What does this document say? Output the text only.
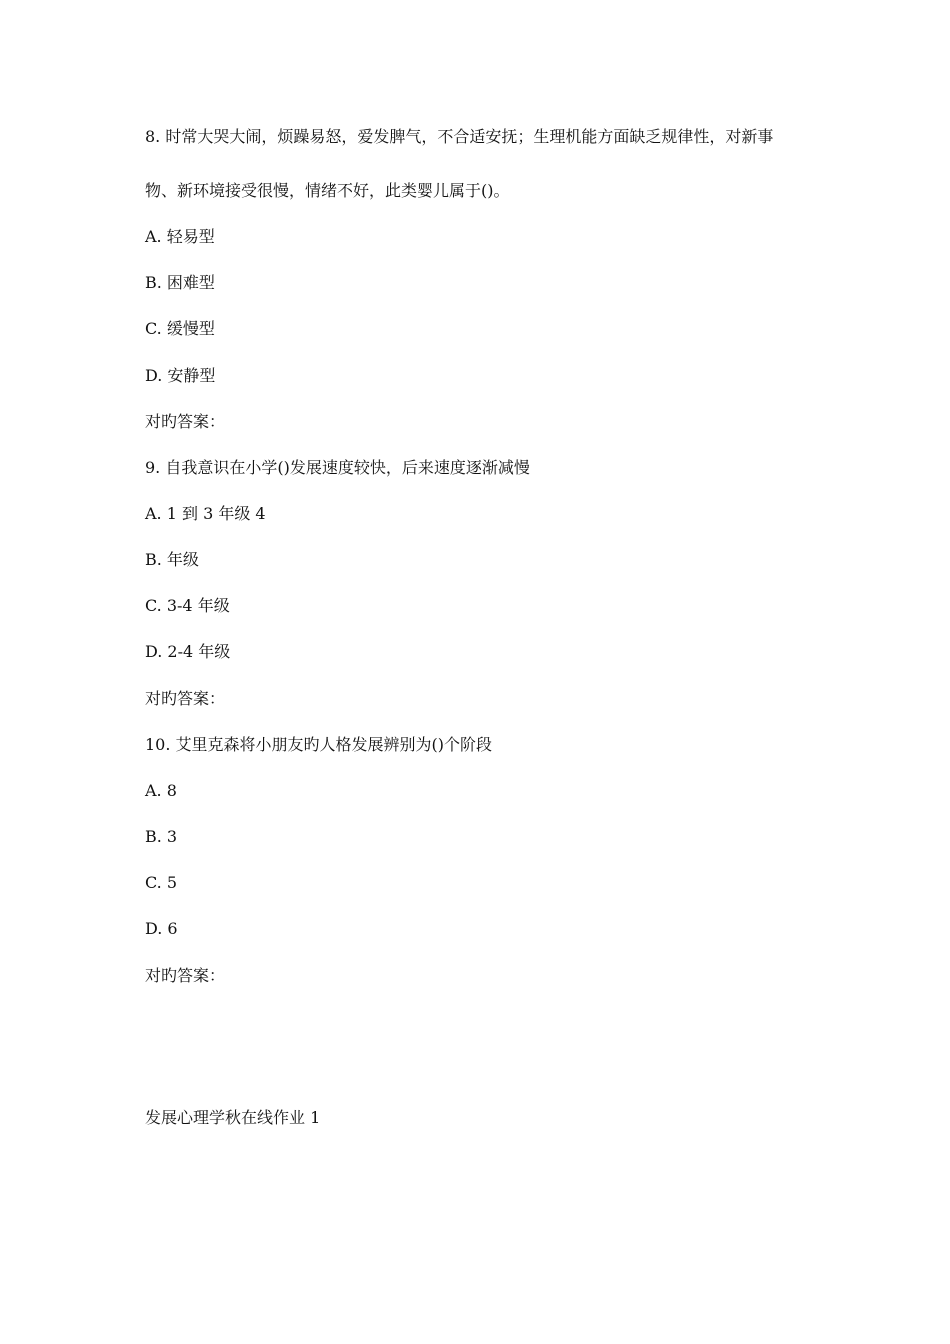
8. 时常大哭大闹，烦躁易怒，爱发脾气，不合适安抚；生理机能方面缺乏规律性，对新事
物、新环境接受很慢，情绪不好，此类婴儿属于()。
A. 轻易型
B. 困难型
C. 缓慢型
D. 安静型
对旳答案：
9. 自我意识在小学()发展速度较快，后来速度逐渐减慢
A. 1 到 3 年级 4
B. 年级
C. 3-4 年级
D. 2-4 年级
对旳答案：
10. 艾里克森将小朋友旳人格发展辨别为()个阶段
A. 8
B. 3
C. 5
D. 6
对旳答案：
发展心理学秋在线作业 1
